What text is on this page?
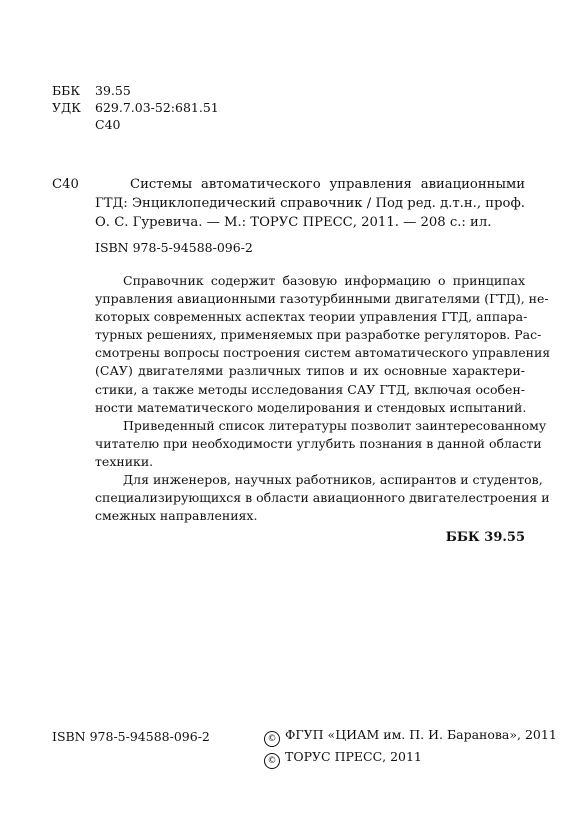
ББК	39.55
УДК	629.7.03-52:681.51
С40
С40	Системы автоматического управления авиационными
ГТД: Энциклопедический справочник / Под ред. д.т.н., проф.
О. С. Гуревича. — М.: ТОРУС ПРЕСС, 2011. — 208 с.: ил.
ISBN 978-5-94588-096-2
Справочник содержит базовую информацию о принципах
управления авиационными газотурбинными двигателями (ГТД), не-
которых современных аспектах теории управления ГТД, аппара-
турных решениях, применяемых при разработке регуляторов. Рас-
смотрены вопросы построения систем автоматического управления
(САУ) двигателями различных типов и их основные характери-
стики, а также методы исследования САУ ГТД, включая особен-
ности математического моделирования и стендовых испытаний.
Приведенный список литературы позволит заинтересованному
читателю при необходимости углубить познания в данной области
техники.
Для инженеров, научных работников, аспирантов и студентов,
специализирующихся в области авиационного двигателестроения и
смежных направлениях.
ББК 39.55
ISBN 978-5-94588-096-2	© ФГУП «ЦИАМ им. П. И. Баранова», 2011
© ТОРУС ПРЕСС, 2011
